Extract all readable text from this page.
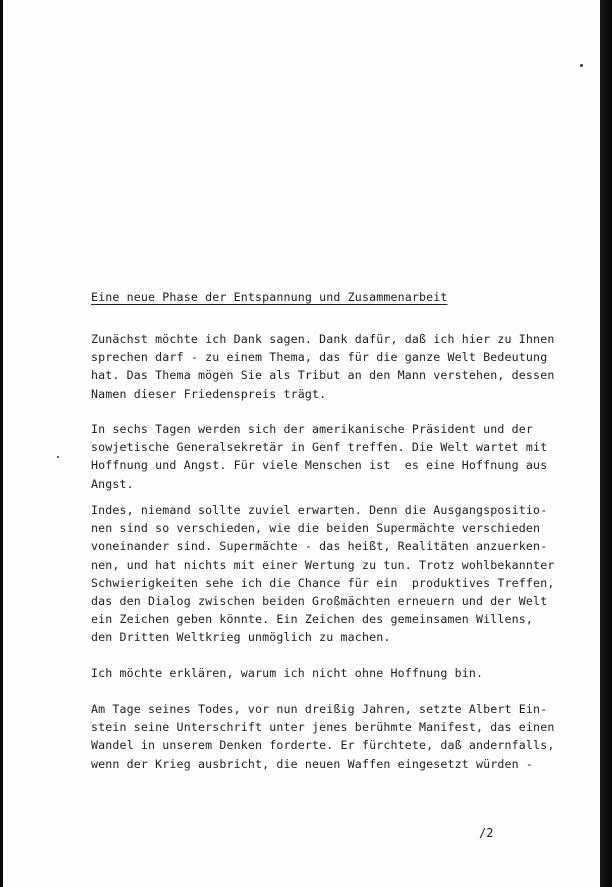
Eine neue Phase der Entspannung und Zusammenarbeit

Zunächst möchte ich Dank sagen. Dank dafür, daß ich hier zu Ihnen
sprechen darf - zu einem Thema, das für die ganze Welt Bedeutung
hat. Das Thema mögen Sie als Tribut an den Mann verstehen, dessen
Namen dieser Friedenspreis trägt.

In sechs Tagen werden sich der amerikanische Präsident und der
sowjetische Generalsekretär in Genf treffen. Die Welt wartet mit
Hoffnung und Angst. Für viele Menschen ist  es eine Hoffnung aus
Angst.

Indes, niemand sollte zuviel erwarten. Denn die Ausgangspositio-
nen sind so verschieden, wie die beiden Supermächte verschieden
voneinander sind. Supermächte - das heißt, Realitäten anzuerken-
nen, und hat nichts mit einer Wertung zu tun. Trotz wohlbekannter
Schwierigkeiten sehe ich die Chance für ein  produktives Treffen,
das den Dialog zwischen beiden Großmächten erneuern und der Welt
ein Zeichen geben könnte. Ein Zeichen des gemeinsamen Willens,
den Dritten Weltkrieg unmöglich zu machen.

Ich möchte erklären, warum ich nicht ohne Hoffnung bin.

Am Tage seines Todes, vor nun dreißig Jahren, setzte Albert Ein-
stein seine Unterschrift unter jenes berühmte Manifest, das einen
Wandel in unserem Denken forderte. Er fürchtete, daß andernfalls,
wenn der Krieg ausbricht, die neuen Waffen eingesetzt würden -

/2
